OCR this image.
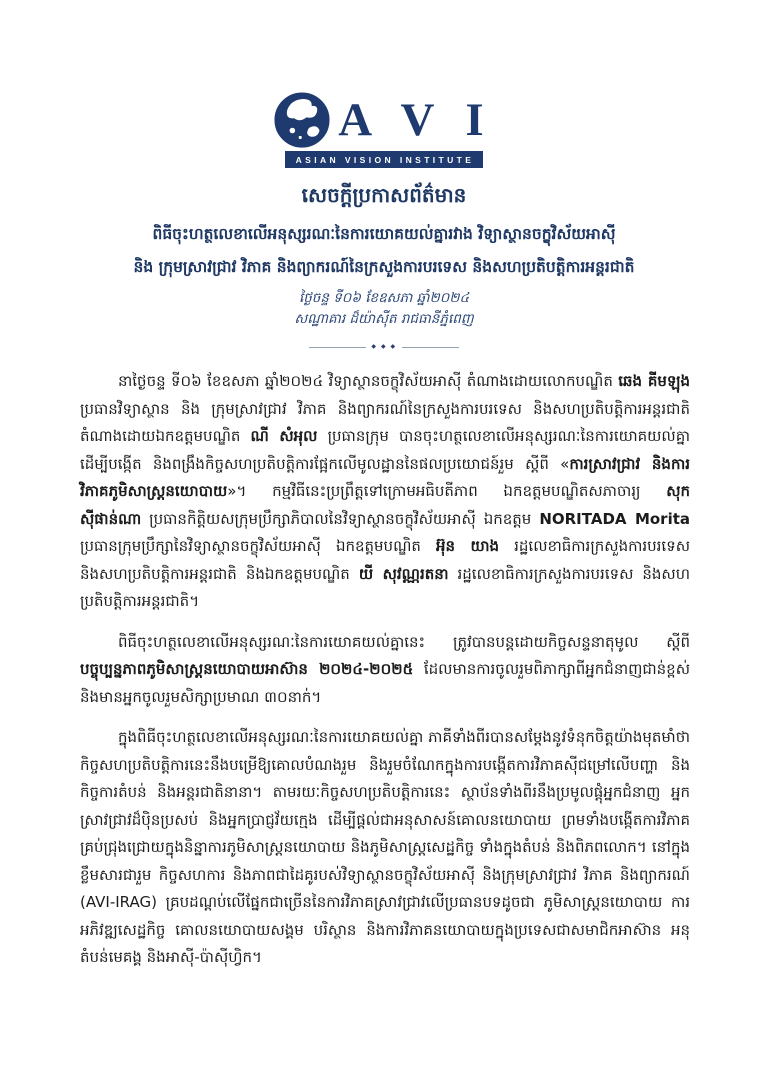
A V I
ASIAN VISION INSTITUTE
សេចក្តីប្រកាសព័ត៌មាន
ពិធីចុះហត្ថលេខាលើអនុស្សរណៈនៃការយោគយល់គ្នារវាង វិទ្យាស្ថានចក្ខុវិស័យអាស៊ី
និង ក្រុមស្រាវជ្រាវ វិភាគ និងព្យាករណ៍នៃក្រសួងការបរទេស និងសហប្រតិបត្តិការអន្តរជាតិ
ថ្ងៃចន្ទ ទី០៦ ខែឧសភា ឆ្នាំ២០២៤
សណ្ឋាគារ ដ៏យ៉ាស៊ីត រាជធានីភ្នំពេញ
◆ ◆ ◆

នាថ្ងៃចន្ទ ទី០៦ ខែឧសភា ឆ្នាំ២០២៤ វិទ្យាស្ថានចក្ខុវិស័យអាស៊ី តំណាងដោយលោកបណ្ឌិត ឆេង គីមឡុង ប្រធានវិទ្យាស្ថាន និង ក្រុមស្រាវជ្រាវ វិភាគ និងព្យាករណ៍នៃក្រសួងការបរទេស និងសហប្រតិបត្តិការអន្តរជាតិ តំណាងដោយឯកឧត្តមបណ្ឌិត ណី សំអុល ប្រធានក្រុម បានចុះហត្ថលេខាលើអនុស្សរណៈនៃការយោគយល់គ្នាដើម្បីបង្កើត និងពង្រឹងកិច្ចសហប្រតិបត្តិការផ្អែកលើមូលដ្ឋាននៃផលប្រយោជន៍រួម ស្តីពី «ការស្រាវជ្រាវ និងការវិភាគភូមិសាស្ត្រនយោបាយ»។ កម្មវិធីនេះប្រព្រឹត្តទៅក្រោមអធិបតីភាព ឯកឧត្តមបណ្ឌិតសភាចារ្យ សុក ស៊ីផាន់ណា ប្រធានកិត្តិយសក្រុមប្រឹក្សាភិបាលនៃវិទ្យាស្ថានចក្ខុវិស័យអាស៊ី ឯកឧត្តម NORITADA Morita ប្រធានក្រុមប្រឹក្សានៃវិទ្យាស្ថានចក្ខុវិស័យអាស៊ី ឯកឧត្តមបណ្ឌិត អ៊ុន យាង រដ្ឋលេខាធិការក្រសួងការបរទេស និងសហប្រតិបត្តិការអន្តរជាតិ និងឯកឧត្តមបណ្ឌិត យី សុវណ្ណរតនា រដ្ឋលេខាធិការក្រសួងការបរទេស និងសហប្រតិបត្តិការអន្តរជាតិ។

ពិធីចុះហត្ថលេខាលើអនុស្សរណៈនៃការយោគយល់គ្នានេះ ត្រូវបានបន្តដោយកិច្ចសន្ទនាតុមូល ស្តីពី បច្ចុប្បន្នភាពភូមិសាស្ត្រនយោបាយអាស៊ាន ២០២៤-២០២៥ ដែលមានការចូលរួមពិភាក្សាពីអ្នកជំនាញជាន់ខ្ពស់ និងមានអ្នកចូលរួមសិក្សាប្រមាណ ៣០នាក់។

ក្នុងពិធីចុះហត្ថលេខាលើអនុស្សរណៈនៃការយោគយល់គ្នា ភាគីទាំងពីរបានសម្តែងនូវទំនុកចិត្តយ៉ាងមុតមាំថា កិច្ចសហប្រតិបត្តិការនេះនឹងបម្រើឱ្យគោលបំណងរួម និងរួមចំណែកក្នុងការបង្កើតការវិភាគស៊ីជម្រៅលើបញ្ហា និងកិច្ចការតំបន់ និងអន្តរជាតិនានា។ តាមរយៈកិច្ចសហប្រតិបត្តិការនេះ ស្ថាប័នទាំងពីរនឹងប្រមូលផ្តុំអ្នកជំនាញ អ្នកស្រាវជ្រាវដ៏ប៉ិនប្រសប់ និងអ្នកប្រាជ្ញវ័យក្មេង ដើម្បីផ្តល់ជាអនុសាសន៍គោលនយោបាយ ព្រមទាំងបង្កើតការវិភាគគ្រប់ជ្រុងជ្រោយក្នុងនិន្នាការភូមិសាស្ត្រនយោបាយ និងភូមិសាស្ត្រសេដ្ឋកិច្ច ទាំងក្នុងតំបន់ និងពិភពលោក។ នៅក្នុងខ្លឹមសារជារួម កិច្ចសហការ និងភាពជាដៃគូរបស់វិទ្យាស្ថានចក្ខុវិស័យអាស៊ី និងក្រុមស្រាវជ្រាវ វិភាគ និងព្យាករណ៍ (AVI-IRAG) គ្របដណ្តប់លើផ្នែកជាច្រើននៃការវិភាគស្រាវជ្រាវលើប្រធានបទដូចជា ភូមិសាស្ត្រនយោបាយ ការអភិវឌ្ឍសេដ្ឋកិច្ច គោលនយោបាយសង្គម បរិស្ថាន និងការវិភាគនយោបាយក្នុងប្រទេសជាសមាជិកអាស៊ាន អនុតំបន់មេគង្គ និងអាស៊ី-ប៉ាស៊ីហ្វិក។
